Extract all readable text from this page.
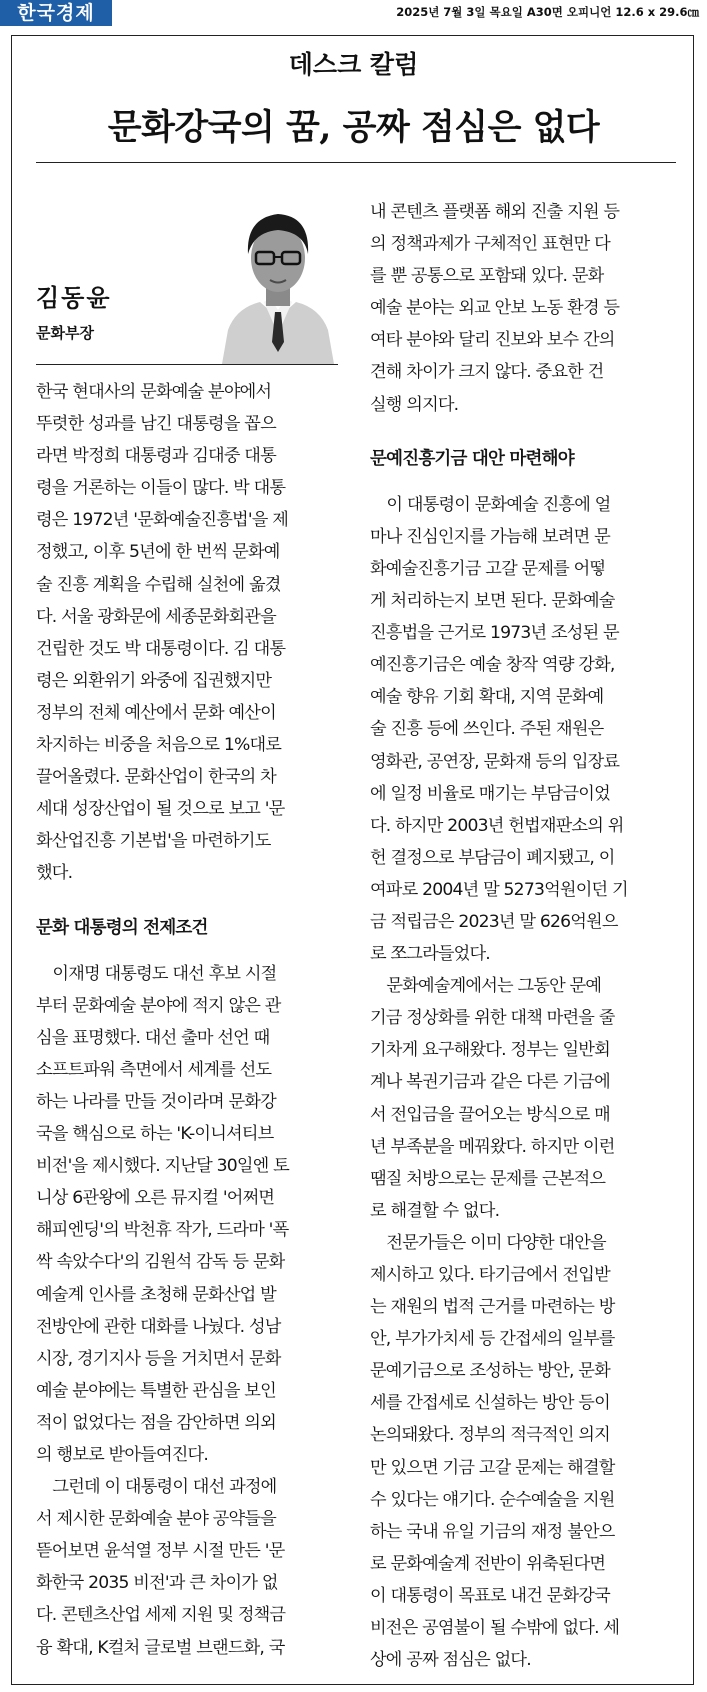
한국경제	2025년 7월 3일 목요일 A30면 오피니언 12.6 x 29.6㎝
데스크 칼럼
문화강국의 꿈, 공짜 점심은 없다
김동윤
문화부장
한국 현대사의 문화예술 분야에서
뚜렷한 성과를 남긴 대통령을 꼽으
라면 박정희 대통령과 김대중 대통
령을 거론하는 이들이 많다. 박 대통
령은 1972년 '문화예술진흥법'을 제
정했고, 이후 5년에 한 번씩 문화예
술 진흥 계획을 수립해 실천에 옮겼
다. 서울 광화문에 세종문화회관을
건립한 것도 박 대통령이다. 김 대통
령은 외환위기 와중에 집권했지만
정부의 전체 예산에서 문화 예산이
차지하는 비중을 처음으로 1%대로
끌어올렸다. 문화산업이 한국의 차
세대 성장산업이 될 것으로 보고 '문
화산업진흥 기본법'을 마련하기도
했다.
문화 대통령의 전제조건
　이재명 대통령도 대선 후보 시절
부터 문화예술 분야에 적지 않은 관
심을 표명했다. 대선 출마 선언 때
소프트파워 측면에서 세계를 선도
하는 나라를 만들 것이라며 문화강
국을 핵심으로 하는 'K-이니셔티브
비전'을 제시했다. 지난달 30일엔 토
니상 6관왕에 오른 뮤지컬 '어쩌면
해피엔딩'의 박천휴 작가, 드라마 '폭
싹 속았수다'의 김원석 감독 등 문화
예술계 인사를 초청해 문화산업 발
전방안에 관한 대화를 나눴다. 성남
시장, 경기지사 등을 거치면서 문화
예술 분야에는 특별한 관심을 보인
적이 없었다는 점을 감안하면 의외
의 행보로 받아들여진다.
　그런데 이 대통령이 대선 과정에
서 제시한 문화예술 분야 공약들을
뜯어보면 윤석열 정부 시절 만든 '문
화한국 2035 비전'과 큰 차이가 없
다. 콘텐츠산업 세제 지원 및 정책금
융 확대, K컬처 글로벌 브랜드화, 국
내 콘텐츠 플랫폼 해외 진출 지원 등
의 정책과제가 구체적인 표현만 다
를 뿐 공통으로 포함돼 있다. 문화
예술 분야는 외교 안보 노동 환경 등
여타 분야와 달리 진보와 보수 간의
견해 차이가 크지 않다. 중요한 건
실행 의지다.
문예진흥기금 대안 마련해야
　이 대통령이 문화예술 진흥에 얼
마나 진심인지를 가늠해 보려면 문
화예술진흥기금 고갈 문제를 어떻
게 처리하는지 보면 된다. 문화예술
진흥법을 근거로 1973년 조성된 문
예진흥기금은 예술 창작 역량 강화,
예술 향유 기회 확대, 지역 문화예
술 진흥 등에 쓰인다. 주된 재원은
영화관, 공연장, 문화재 등의 입장료
에 일정 비율로 매기는 부담금이었
다. 하지만 2003년 헌법재판소의 위
헌 결정으로 부담금이 폐지됐고, 이
여파로 2004년 말 5273억원이던 기
금 적립금은 2023년 말 626억원으
로 쪼그라들었다.
　문화예술계에서는 그동안 문예
기금 정상화를 위한 대책 마련을 줄
기차게 요구해왔다. 정부는 일반회
계나 복권기금과 같은 다른 기금에
서 전입금을 끌어오는 방식으로 매
년 부족분을 메꿔왔다. 하지만 이런
땜질 처방으로는 문제를 근본적으
로 해결할 수 없다.
　전문가들은 이미 다양한 대안을
제시하고 있다. 타기금에서 전입받
는 재원의 법적 근거를 마련하는 방
안, 부가가치세 등 간접세의 일부를
문예기금으로 조성하는 방안, 문화
세를 간접세로 신설하는 방안 등이
논의돼왔다. 정부의 적극적인 의지
만 있으면 기금 고갈 문제는 해결할
수 있다는 얘기다. 순수예술을 지원
하는 국내 유일 기금의 재정 불안으
로 문화예술계 전반이 위축된다면
이 대통령이 목표로 내건 문화강국
비전은 공염불이 될 수밖에 없다. 세
상에 공짜 점심은 없다.
